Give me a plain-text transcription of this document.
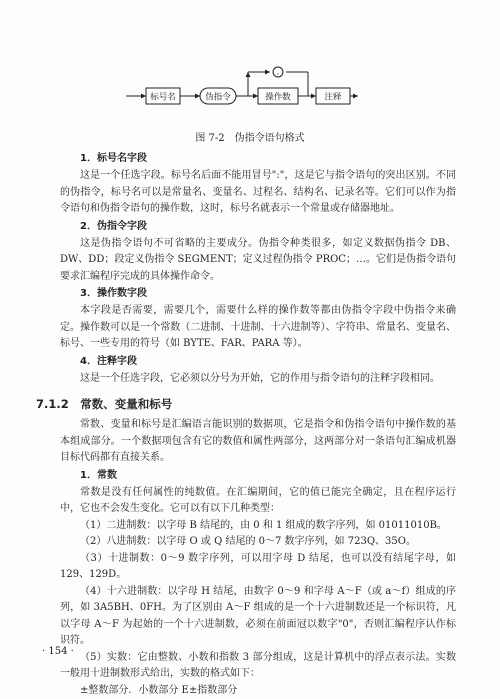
标号名	伪指令	操作数	注释
,
图 7-2　伪指令语句格式

1．标号名字段

这是一个任选字段。标号名后面不能用冒号":"，这是它与指令语句的突出区别。不同的伪指令，标号名可以是常量名、变量名、过程名、结构名、记录名等。它们可以作为指令语句和伪指令语句的操作数，这时，标号名就表示一个常量或存储器地址。

2．伪指令字段

这是伪指令语句不可省略的主要成分。伪指令种类很多，如定义数据伪指令 DB、DW、DD；段定义伪指令 SEGMENT；定义过程伪指令 PROC；…。它们是伪指令语句要求汇编程序完成的具体操作命令。

3．操作数字段

本字段是否需要，需要几个，需要什么样的操作数等都由伪指令字段中伪指令来确定。操作数可以是一个常数（二进制、十进制、十六进制等）、字符串、常量名、变量名、标号、一些专用的符号（如 BYTE、FAR、PARA 等）。

4．注释字段

这是一个任选字段，它必须以分号为开始，它的作用与指令语句的注释字段相同。

7.1.2　常数、变量和标号

常数、变量和标号是汇编语言能识别的数据项，它是指令和伪指令语句中操作数的基本组成部分。一个数据项包含有它的数值和属性两部分，这两部分对一条语句汇编成机器目标代码都有直接关系。

1．常数

常数是没有任何属性的纯数值。在汇编期间，它的值已能完全确定，且在程序运行中，它也不会发生变化。它可以有以下几种类型：

（1）二进制数：以字母 B 结尾的，由 0 和 1 组成的数字序列，如 01011010B。

（2）八进制数：以字母 O 或 Q 结尾的 0～7 数字序列，如 723Q、35O。

（3）十进制数：0～9 数字序列，可以用字母 D 结尾，也可以没有结尾字母，如 129、129D。

（4）十六进制数：以字母 H 结尾，由数字 0～9 和字母 A～F（或 a～f）组成的序列，如 3A5BH、0FH。为了区别由 A～F 组成的是一个十六进制数还是一个标识符，凡以字母 A～F 为起始的一个十六进制数，必须在前面冠以数字"0"，否则汇编程序认作标识符。

（5）实数：它由整数、小数和指数 3 部分组成，这是计算机中的浮点表示法。实数一般用十进制数形式给出，实数的格式如下：

±整数部分．小数部分 E±指数部分

· 154 ·
